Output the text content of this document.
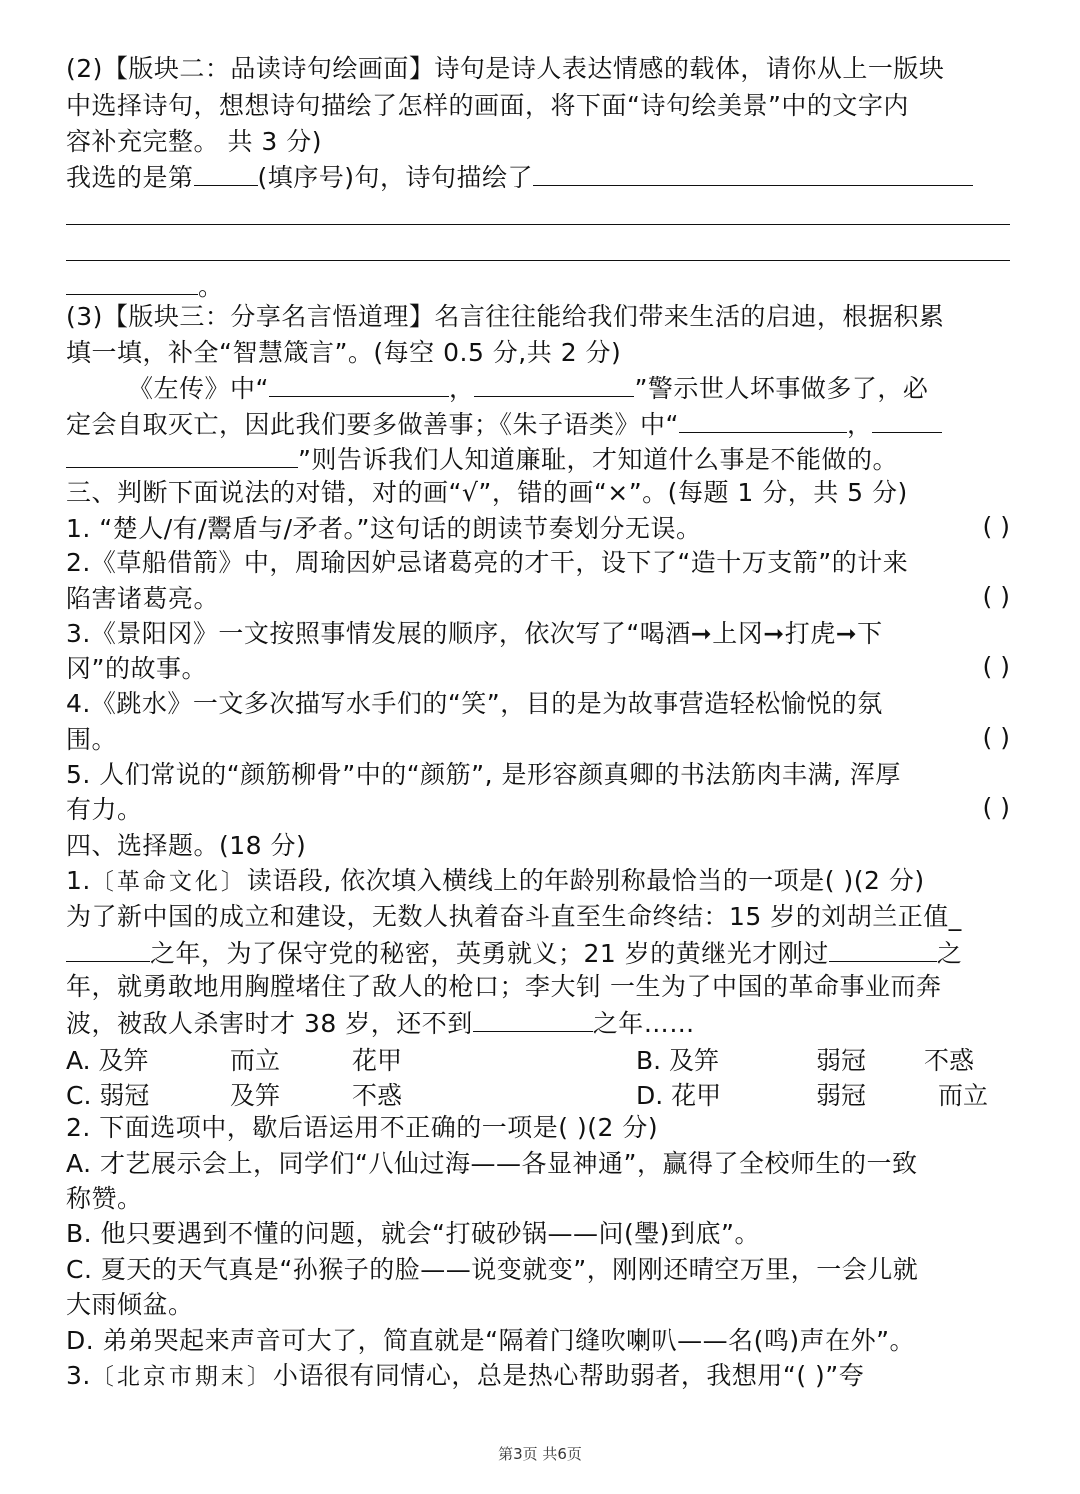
(2)【版块二：品读诗句绘画面】诗句是诗人表达情感的载体，请你从上一版块
中选择诗句，想想诗句描绘了怎样的画面，将下面“诗句绘美景”中的文字内
容补充完整。 共 3 分)
我选的是第	(填序号)句，诗句描绘了
。
(3)【版块三：分享名言悟道理】名言往往能给我们带来生活的启迪，根据积累
填一填，补全“智慧箴言”。(每空 0.5 分,共 2 分)
《左传》中“	，	”警示世人坏事做多了，必
定会自取灭亡，因此我们要多做善事；《朱子语类》中“	，
”则告诉我们人知道廉耻，才知道什么事是不能做的。
三、判断下面说法的对错，对的画“√”，错的画“×”。(每题 1 分，共 5 分)
1. “楚人/有/鬻盾与/矛者。”这句话的朗读节奏划分无误。	( )
2.《草船借箭》中，周瑜因妒忌诸葛亮的才干，设下了“造十万支箭”的计来
陷害诸葛亮。	( )
3.《景阳冈》一文按照事情发展的顺序，依次写了“喝酒➞上冈➞打虎➞下
冈”的故事。	( )
4.《跳水》一文多次描写水手们的“笑”，目的是为故事营造轻松愉悦的氛
围。	( )
5. 人们常说的“颜筋柳骨”中的“颜筋”, 是形容颜真卿的书法筋肉丰满, 浑厚
有力。	( )
四、选择题。(18 分)
1.〔革命文化〕读语段, 依次填入横线上的年龄别称最恰当的一项是( )(2 分)
为了新中国的成立和建设，无数人执着奋斗直至生命终结：15 岁的刘胡兰正值_
之年，为了保守党的秘密，英勇就义；21 岁的黄继光才刚过	之
年，就勇敢地用胸膛堵住了敌人的枪口；李大钊 一生为了中国的革命事业而奔
波，被敌人杀害时才 38 岁，还不到	之年……
A. 及笄	而立	花甲	B. 及笄	弱冠 不惑
C. 弱冠	及笄	不惑	D. 花甲	弱冠	而立
2. 下面选项中，歇后语运用不正确的一项是( )(2 分)
A. 才艺展示会上，同学们“八仙过海——各显神通”，赢得了全校师生的一致
称赞。
B. 他只要遇到不懂的问题，就会“打破砂锅——问(璺)到底”。
C. 夏天的天气真是“孙猴子的脸——说变就变”，刚刚还晴空万里，一会儿就
大雨倾盆。
D. 弟弟哭起来声音可大了，简直就是“隔着门缝吹喇叭——名(鸣)声在外”。
3.〔北京市期末〕小语很有同情心，总是热心帮助弱者，我想用“( )”夸
第3页 共6页
